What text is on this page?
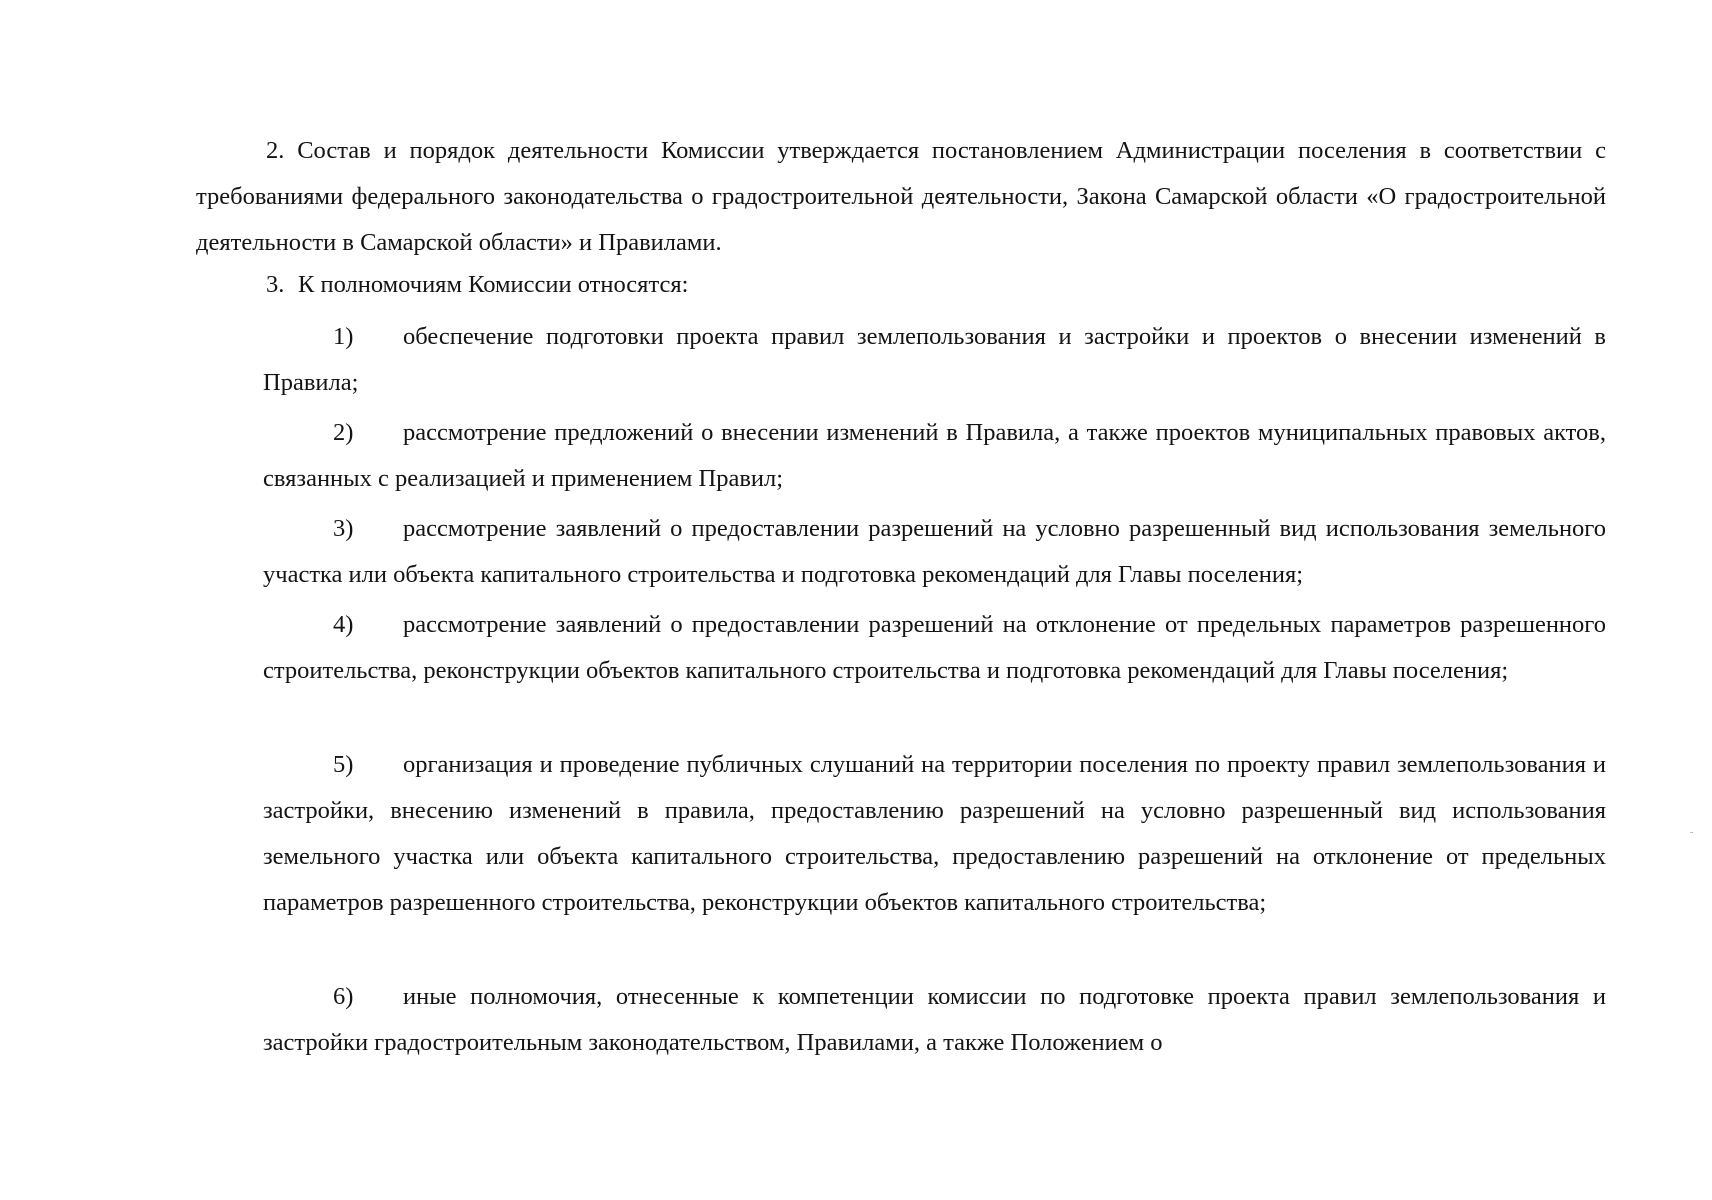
2. Состав и порядок деятельности Комиссии утверждается постановлением Администрации поселения в соответствии с требованиями федерального законодательства о градостроительной деятельности, Закона Самарской области «О градостроительной деятельности в Самарской области» и Правилами.

3. К полномочиям Комиссии относятся:

1) обеспечение подготовки проекта правил землепользования и застройки и проектов о внесении изменений в Правила;

2) рассмотрение предложений о внесении изменений в Правила, а также проектов муниципальных правовых актов, связанных с реализацией и применением Правил;

3) рассмотрение заявлений о предоставлении разрешений на условно разрешенный вид использования земельного участка или объекта капитального строительства и подготовка рекомендаций для Главы поселения;

4) рассмотрение заявлений о предоставлении разрешений на отклонение от предельных параметров разрешенного строительства, реконструкции объектов капитального строительства и подготовка рекомендаций для Главы поселения;

5) организация и проведение публичных слушаний на территории поселения по проекту правил землепользования и застройки, внесению изменений в правила, предоставлению разрешений на условно разрешенный вид использования земельного участка или объекта капитального строительства, предоставлению разрешений на отклонение от предельных параметров разрешенного строительства, реконструкции объектов капитального строительства;

6) иные полномочия, отнесенные к компетенции комиссии по подготовке проекта правил землепользования и застройки градостроительным законодательством, Правилами, а также Положением о
